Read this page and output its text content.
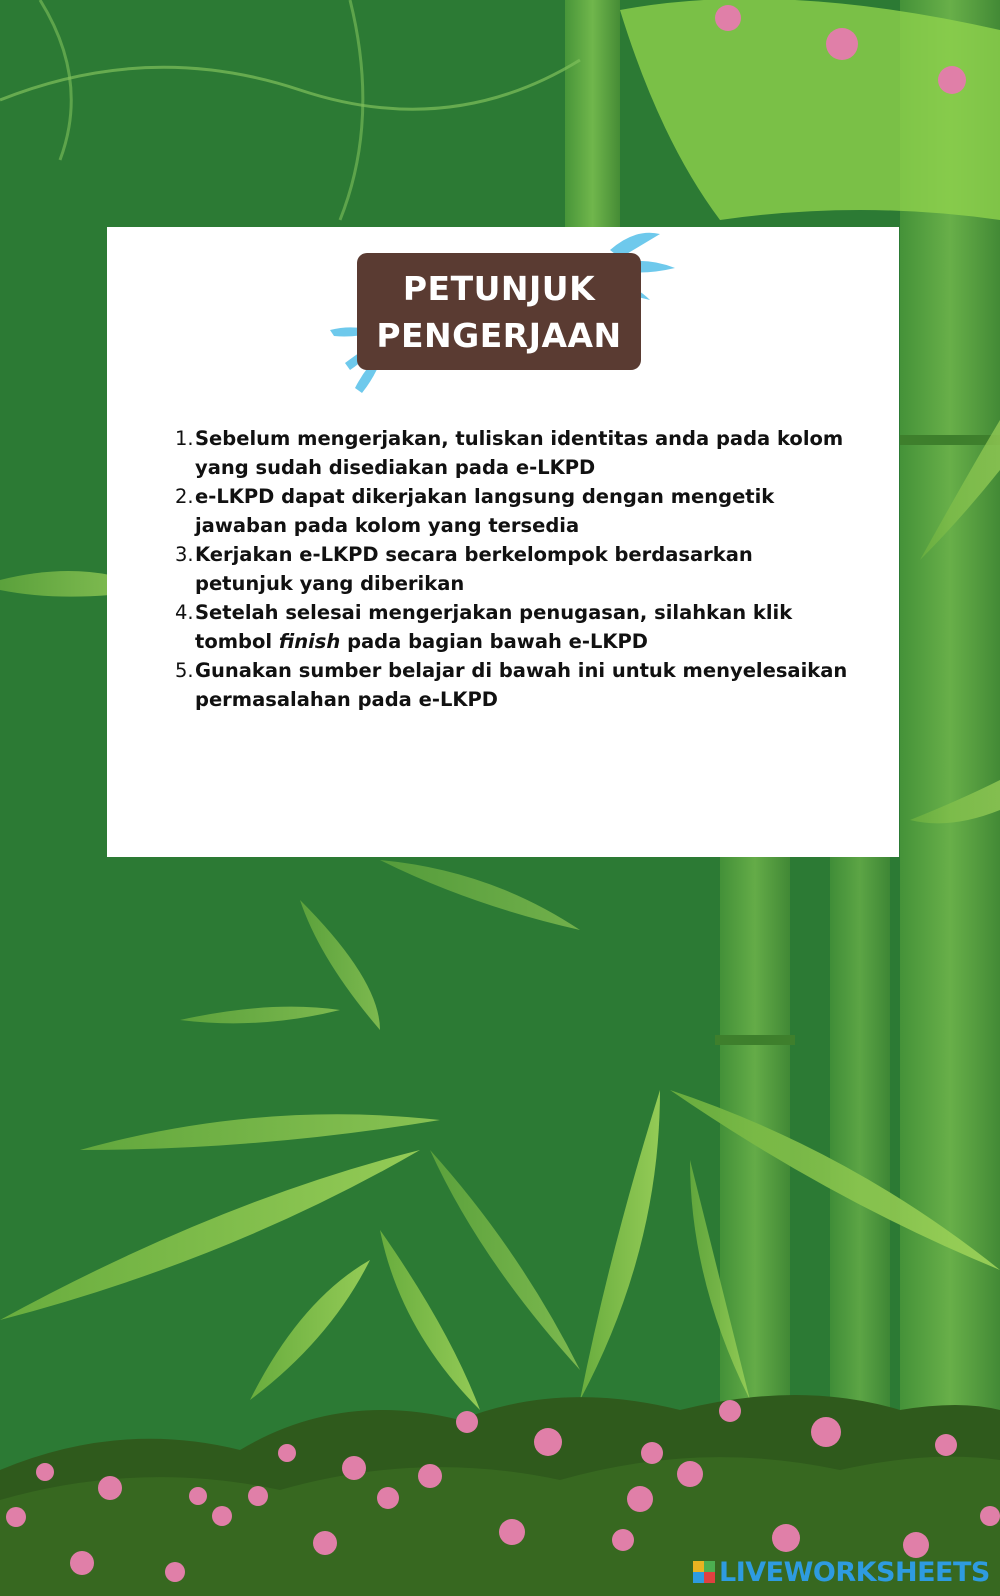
PETUNJUK
PENGERJAAN
1. Sebelum mengerjakan, tuliskan identitas anda pada kolom yang sudah disediakan pada e-LKPD
2. e-LKPD dapat dikerjakan langsung dengan mengetik jawaban pada kolom yang tersedia
3. Kerjakan e-LKPD secara berkelompok berdasarkan petunjuk yang diberikan
4. Setelah selesai mengerjakan penugasan, silahkan klik tombol finish pada bagian bawah e-LKPD
5. Gunakan sumber belajar di bawah ini untuk menyelesaikan permasalahan pada e-LKPD
LIVEWORKSHEETS
